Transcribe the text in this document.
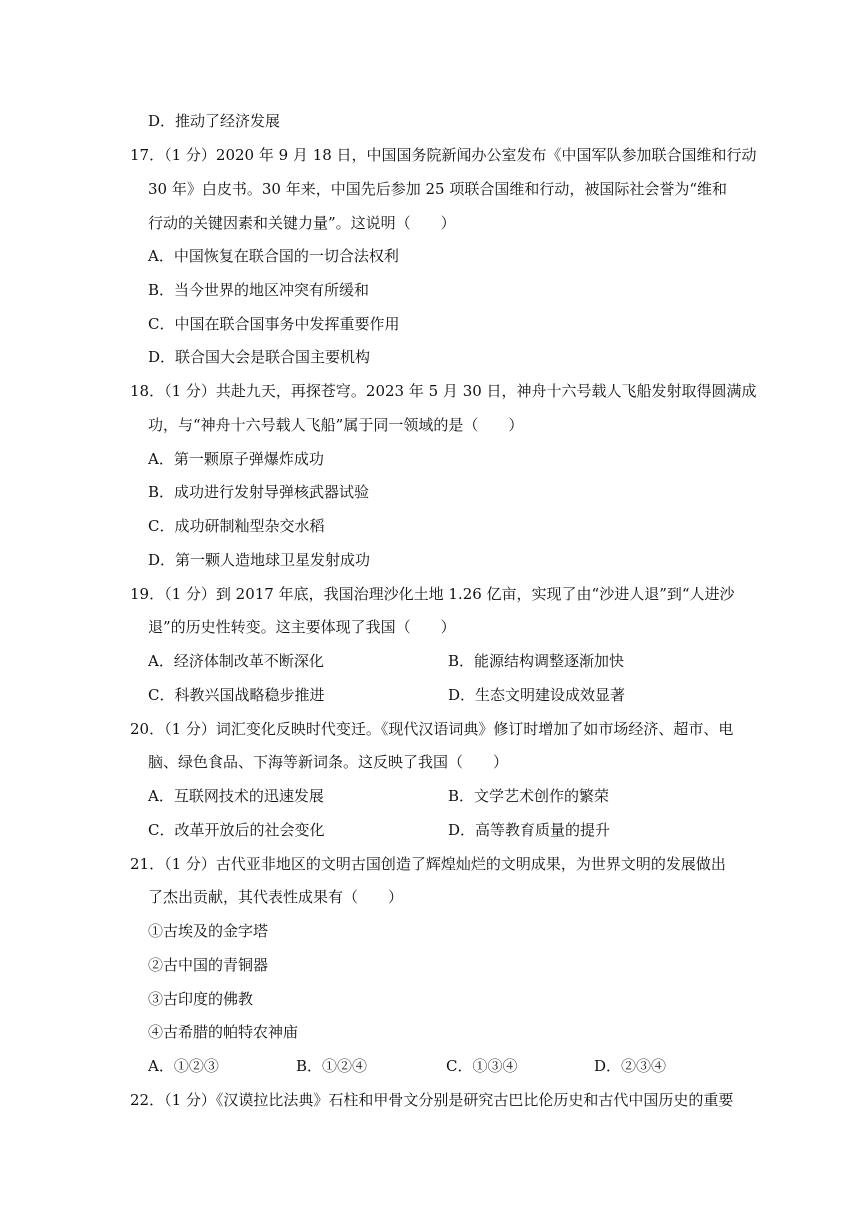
D．推动了经济发展
17．（1 分）2020 年 9 月 18 日，中国国务院新闻办公室发布《中国军队参加联合国维和行动
30 年》白皮书。30 年来，中国先后参加 25 项联合国维和行动，被国际社会誉为“维和
行动的关键因素和关键力量”。这说明（　　）
A．中国恢复在联合国的一切合法权利
B．当今世界的地区冲突有所缓和
C．中国在联合国事务中发挥重要作用
D．联合国大会是联合国主要机构
18．（1 分）共赴九天，再探苍穹。2023 年 5 月 30 日，神舟十六号载人飞船发射取得圆满成
功，与“神舟十六号载人飞船”属于同一领域的是（　　）
A．第一颗原子弹爆炸成功
B．成功进行发射导弹核武器试验
C．成功研制籼型杂交水稻
D．第一颗人造地球卫星发射成功
19．（1 分）到 2017 年底，我国治理沙化土地 1.26 亿亩，实现了由“沙进人退”到“人进沙
退”的历史性转变。这主要体现了我国（　　）
A．经济体制改革不断深化	B．能源结构调整逐渐加快
C．科教兴国战略稳步推进	D．生态文明建设成效显著
20．（1 分）词汇变化反映时代变迁。《现代汉语词典》修订时增加了如市场经济、超市、电
脑、绿色食品、下海等新词条。这反映了我国（　　）
A．互联网技术的迅速发展	B．文学艺术创作的繁荣
C．改革开放后的社会变化	D．高等教育质量的提升
21．（1 分）古代亚非地区的文明古国创造了辉煌灿烂的文明成果，为世界文明的发展做出
了杰出贡献，其代表性成果有（　　）
①古埃及的金字塔
②古中国的青铜器
③古印度的佛教
④古希腊的帕特农神庙
A．①②③	B．①②④	C．①③④	D．②③④
22．（1 分）《汉谟拉比法典》石柱和甲骨文分别是研究古巴比伦历史和古代中国历史的重要
